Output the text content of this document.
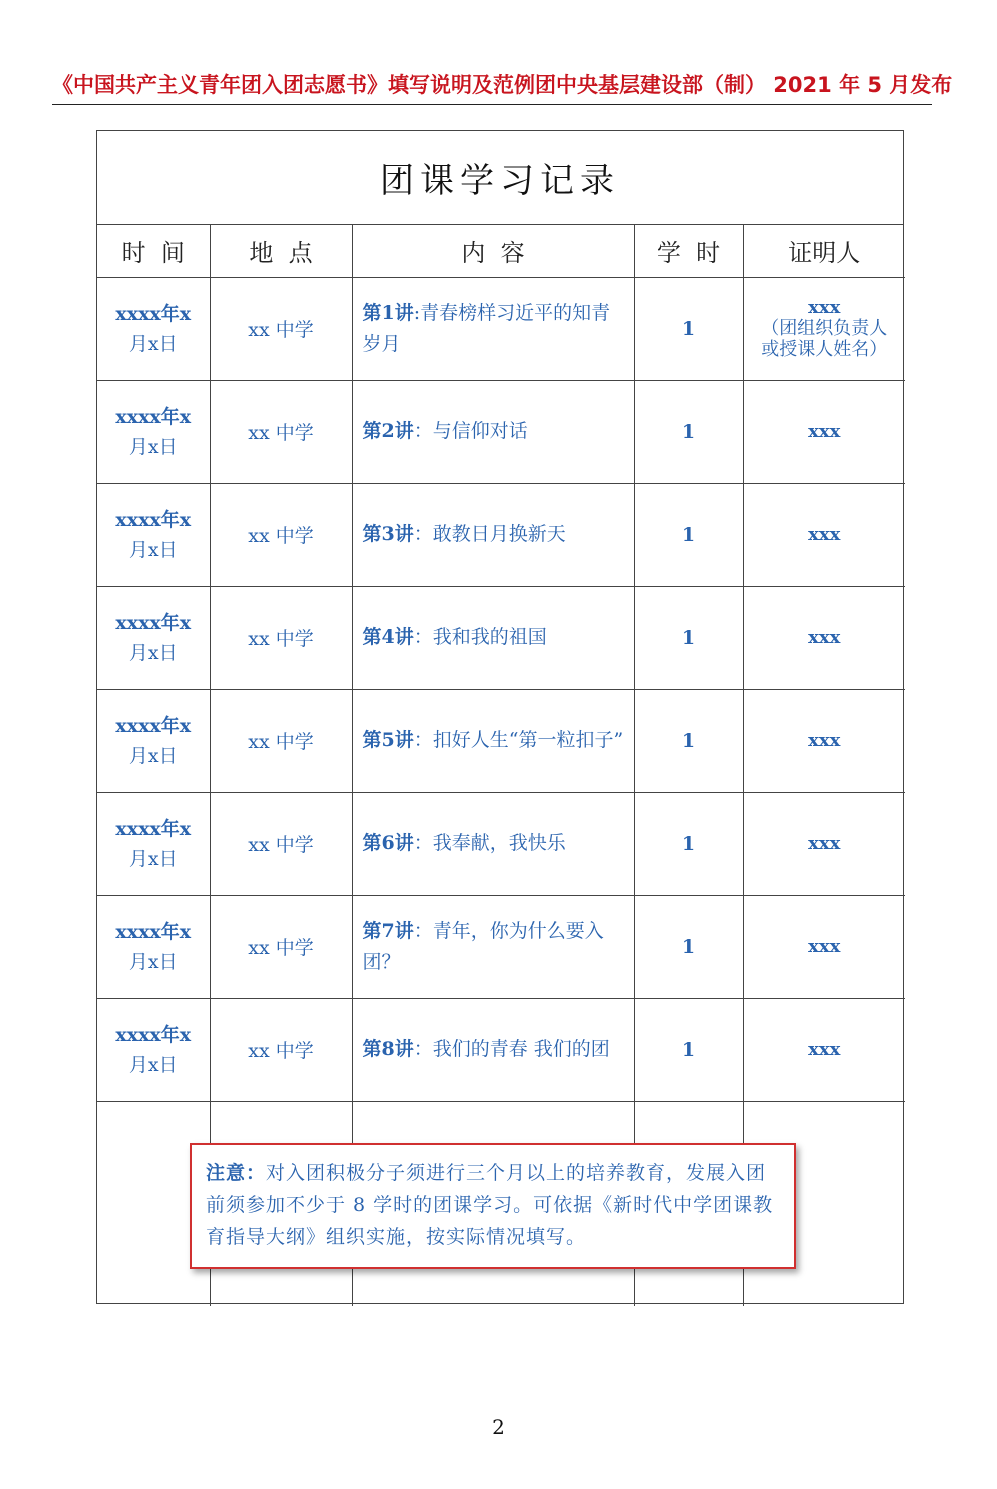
《中国共产主义青年团入团志愿书》填写说明及范例 团中央基层建设部（制） 2021 年 5 月发布
团课学习记录
时  间	地  点	内  容	学  时	证明人
xxxx年x
月x日	xx 中学	第1讲:青春榜样习近平的知青岁月	1	xxx
（团组织负责人或授课人姓名）
xxxx年x
月x日	xx 中学	第2讲：与信仰对话	1	xxx
xxxx年x
月x日	xx 中学	第3讲：敢教日月换新天	1	xxx
xxxx年x
月x日	xx 中学	第4讲：我和我的祖国	1	xxx
xxxx年x
月x日	xx 中学	第5讲：扣好人生“第一粒扣子”	1	xxx
xxxx年x
月x日	xx 中学	第6讲：我奉献，我快乐	1	xxx
xxxx年x
月x日	xx 中学	第7讲：青年，你为什么要入团？	1	xxx
xxxx年x
月x日	xx 中学	第8讲：我们的青春 我们的团	1	xxx

注意：对入团积极分子须进行三个月以上的培养教育，发展入团前须参加不少于 8 学时的团课学习。可依据《新时代中学团课教育指导大纲》组织实施，按实际情况填写。
2
